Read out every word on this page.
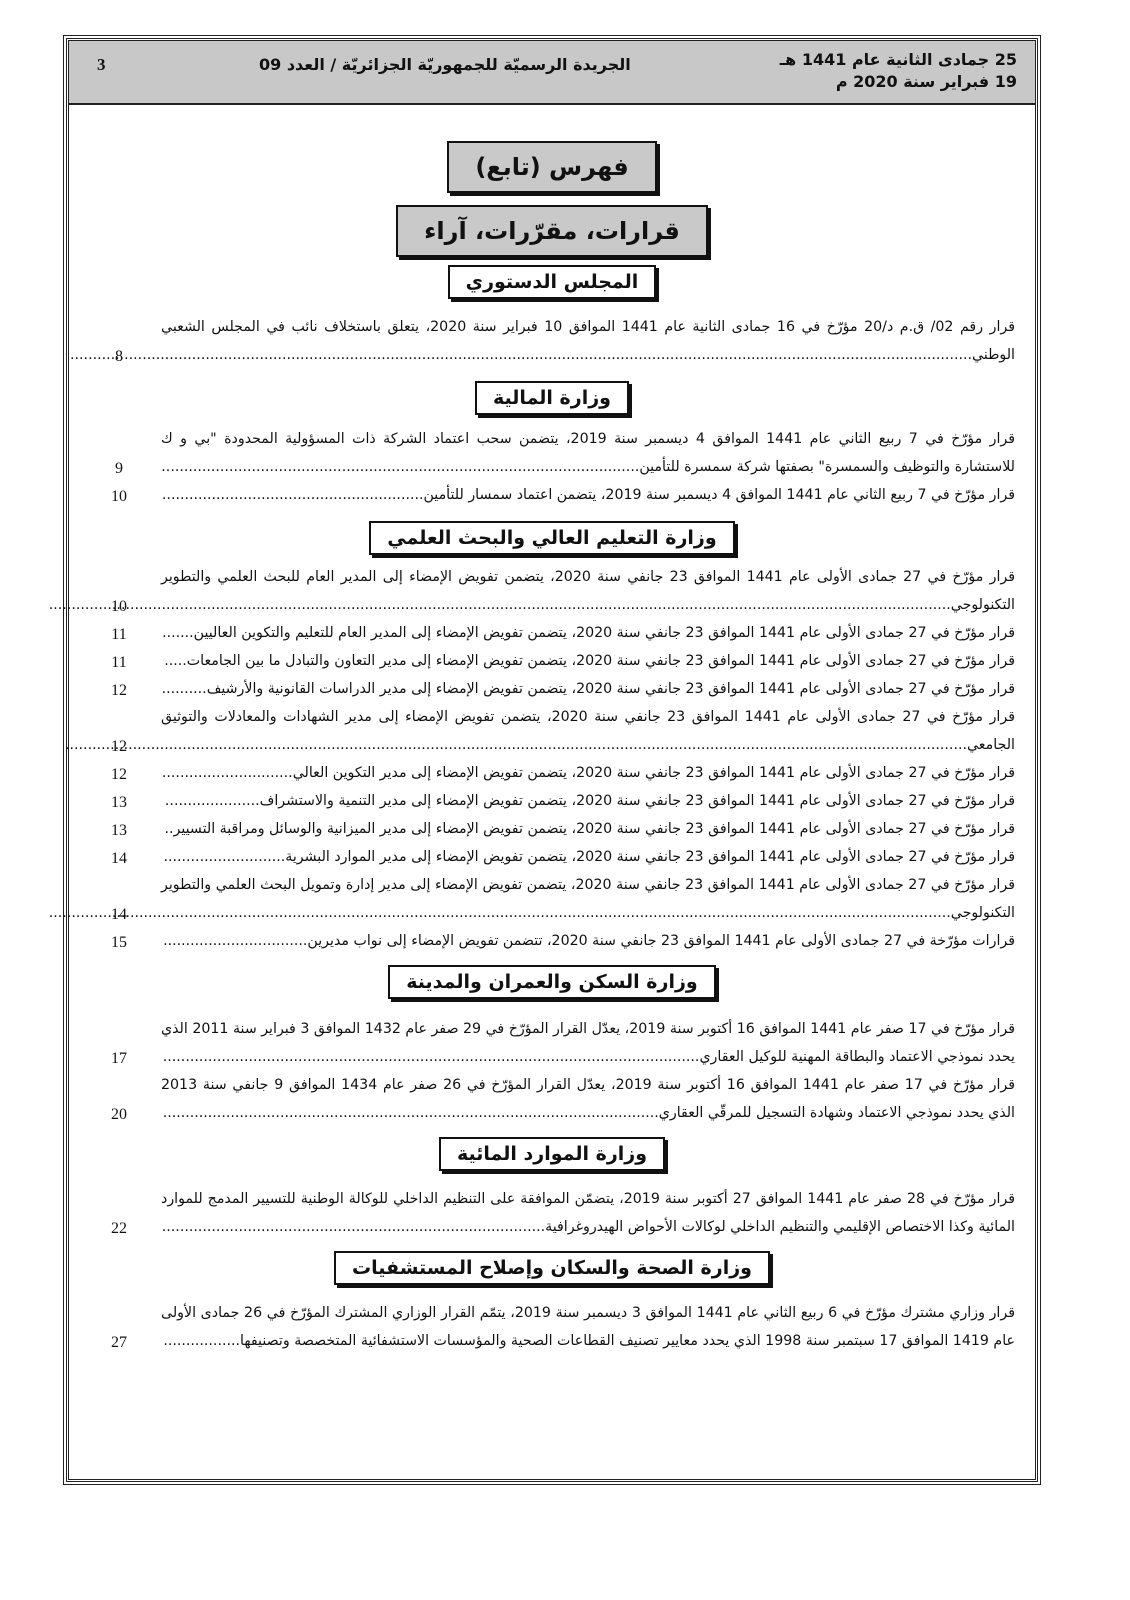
25 جمادى الثانية عام 1441 هـ
19 فبراير سنة 2020 م
الجريدة الرسميّة للجمهوريّة الجزائريّة / العدد 09
3
فهرس (تابع)
قرارات، مقرّرات، آراء
المجلس الدستوري
قرار رقم 02/ ق.م د/20 مؤرّخ في 16 جمادى الثانية عام 1441 الموافق 10 فبراير سنة 2020، يتعلق باستخلاف نائب في المجلس الشعبي الوطني .....
8
وزارة المالية
قرار مؤرّخ في 7 ربيع الثاني عام 1441 الموافق 4 ديسمبر سنة 2019، يتضمن سحب اعتماد الشركة ذات المسؤولية المحدودة "بي و ك للاستشارة والتوظيف والسمسرة" بصفتها شركة سمسرة للتأمين .....
9
قرار مؤرّخ في 7 ربيع الثاني عام 1441 الموافق 4 ديسمبر سنة 2019، يتضمن اعتماد سمسار للتأمين .....
10
وزارة التعليم العالي والبحث العلمي
قرار مؤرّخ في 27 جمادى الأولى عام 1441 الموافق 23 جانفي سنة 2020، يتضمن تفويض الإمضاء إلى المدير العام للبحث العلمي والتطوير التكنولوجي .....
10
قرار مؤرّخ في 27 جمادى الأولى عام 1441 الموافق 23 جانفي سنة 2020، يتضمن تفويض الإمضاء إلى المدير العام للتعليم والتكوين العاليين .......
11
قرار مؤرّخ في 27 جمادى الأولى عام 1441 الموافق 23 جانفي سنة 2020، يتضمن تفويض الإمضاء إلى مدير التعاون والتبادل ما بين الجامعات .....
11
قرار مؤرّخ في 27 جمادى الأولى عام 1441 الموافق 23 جانفي سنة 2020، يتضمن تفويض الإمضاء إلى مدير الدراسات القانونية والأرشيف .....
12
قرار مؤرّخ في 27 جمادى الأولى عام 1441 الموافق 23 جانفي سنة 2020، يتضمن تفويض الإمضاء إلى مدير الشهادات والمعادلات والتوثيق الجامعي .....
12
قرار مؤرّخ في 27 جمادى الأولى عام 1441 الموافق 23 جانفي سنة 2020، يتضمن تفويض الإمضاء إلى مدير التكوين العالي .....
12
قرار مؤرّخ في 27 جمادى الأولى عام 1441 الموافق 23 جانفي سنة 2020، يتضمن تفويض الإمضاء إلى مدير التنمية والاستشراف .....
13
قرار مؤرّخ في 27 جمادى الأولى عام 1441 الموافق 23 جانفي سنة 2020، يتضمن تفويض الإمضاء إلى مدير الميزانية والوسائل ومراقبة التسيير ..
13
قرار مؤرّخ في 27 جمادى الأولى عام 1441 الموافق 23 جانفي سنة 2020، يتضمن تفويض الإمضاء إلى مدير الموارد البشرية .....
14
قرار مؤرّخ في 27 جمادى الأولى عام 1441 الموافق 23 جانفي سنة 2020، يتضمن تفويض الإمضاء إلى مدير إدارة وتمويل البحث العلمي والتطوير التكنولوجي .....
14
قرارات مؤرّخة في 27 جمادى الأولى عام 1441 الموافق 23 جانفي سنة 2020، تتضمن تفويض الإمضاء إلى نواب مديرين .....
15
وزارة السكن والعمران والمدينة
قرار مؤرّخ في 17 صفر عام 1441 الموافق 16 أكتوبر سنة 2019، يعدّل القرار المؤرّخ في 29 صفر عام 1432 الموافق 3 فبراير سنة 2011 الذي يحدد نموذجي الاعتماد والبطاقة المهنية للوكيل العقاري .....
17
قرار مؤرّخ في 17 صفر عام 1441 الموافق 16 أكتوبر سنة 2019، يعدّل القرار المؤرّخ في 26 صفر عام 1434 الموافق 9 جانفي سنة 2013 الذي يحدد نموذجي الاعتماد وشهادة التسجيل للمرقّي العقاري .....
20
وزارة الموارد المائية
قرار مؤرّخ في 28 صفر عام 1441 الموافق 27 أكتوبر سنة 2019، يتضمّن الموافقة على التنظيم الداخلي للوكالة الوطنية للتسيير المدمج للموارد المائية وكذا الاختصاص الإقليمي والتنظيم الداخلي لوكالات الأحواض الهيدروغرافية .....
22
وزارة الصحة والسكان وإصلاح المستشفيات
قرار وزاري مشترك مؤرّخ في 6 ربيع الثاني عام 1441 الموافق 3 ديسمبر سنة 2019، يتمّم القرار الوزاري المشترك المؤرّخ في 26 جمادى الأولى عام 1419 الموافق 17 سبتمبر سنة 1998 الذي يحدد معايير تصنيف القطاعات الصحية والمؤسسات الاستشفائية المتخصصة وتصنيفها .....
27
